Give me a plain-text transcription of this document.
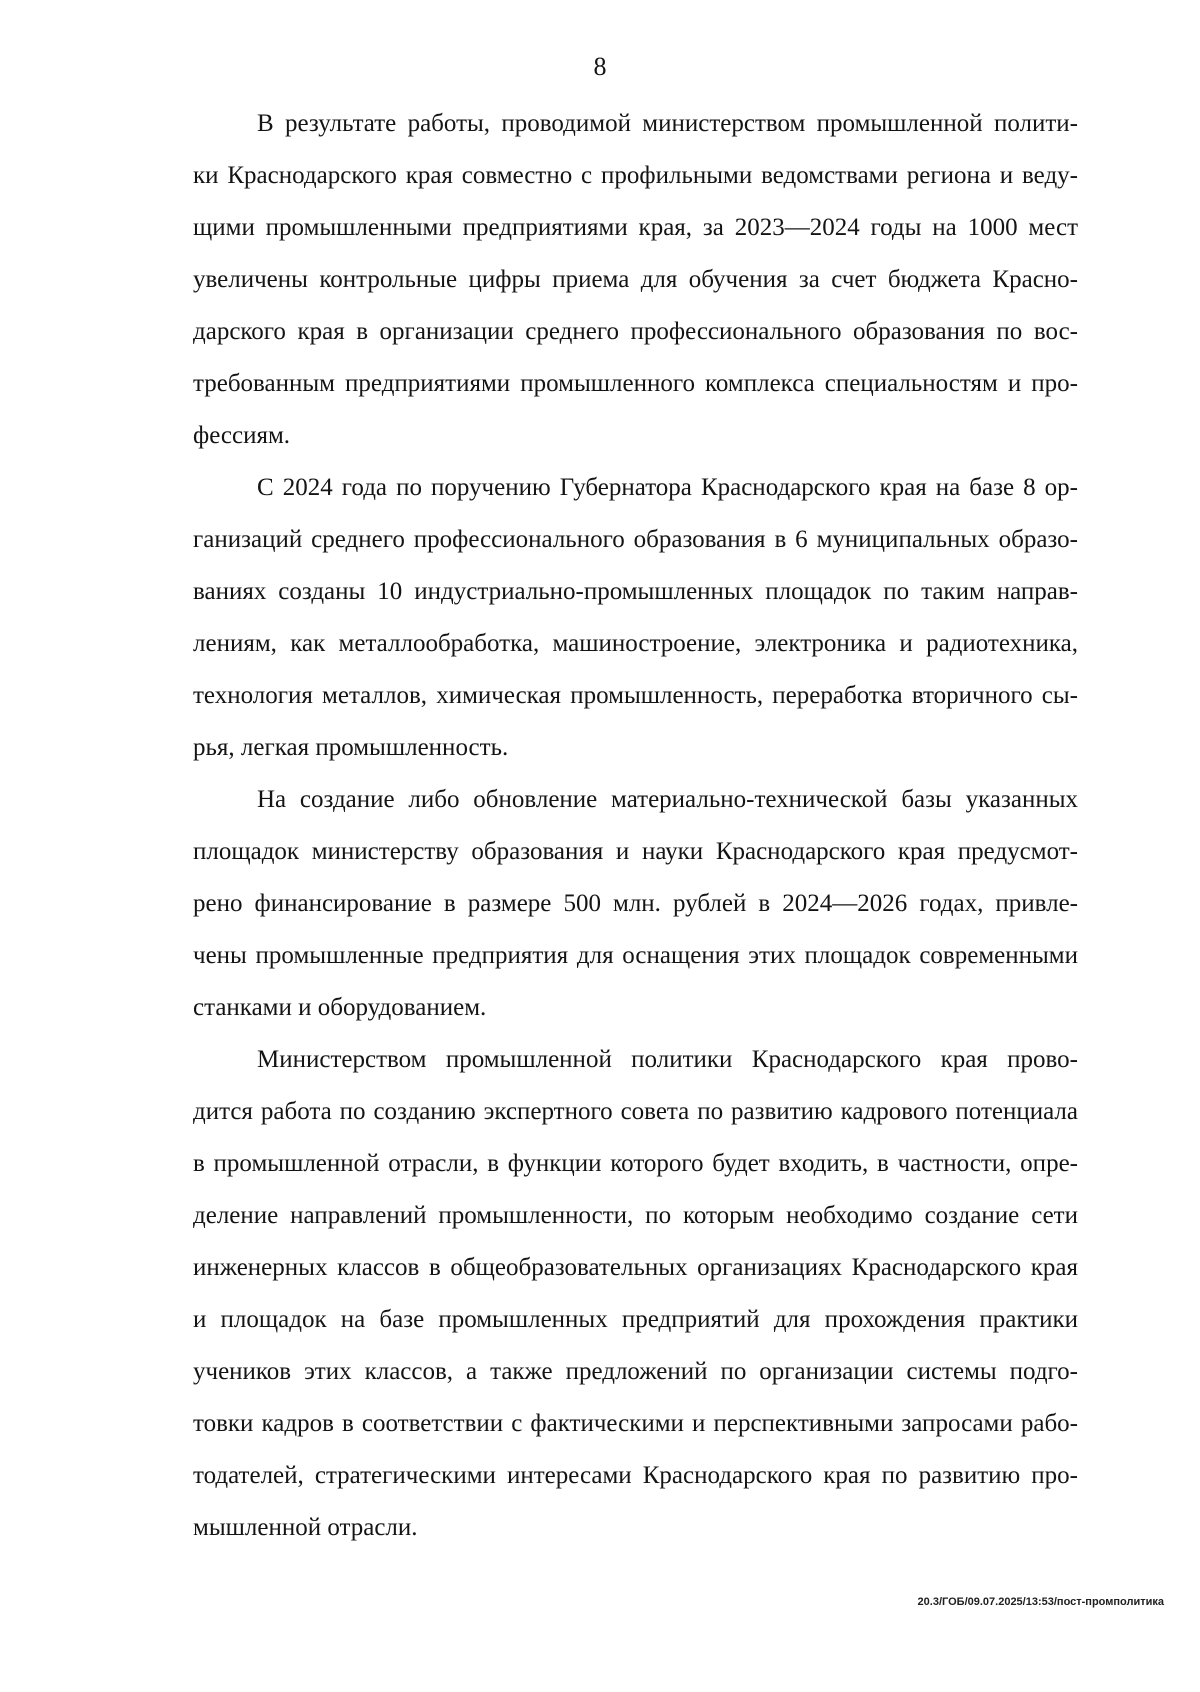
8

В результате работы, проводимой министерством промышленной полити-
ки Краснодарского края совместно с профильными ведомствами региона и веду-
щими промышленными предприятиями края, за 2023—2024 годы на 1000 мест
увеличены контрольные цифры приема для обучения за счет бюджета Красно-
дарского края в организации среднего профессионального образования по вос-
требованным предприятиями промышленного комплекса специальностям и про-
фессиям.

С 2024 года по поручению Губернатора Краснодарского края на базе 8 ор-
ганизаций среднего профессионального образования в 6 муниципальных образо-
ваниях созданы 10 индустриально-промышленных площадок по таким направ-
лениям, как металлообработка, машиностроение, электроника и радиотехника,
технология металлов, химическая промышленность, переработка вторичного сы-
рья, легкая промышленность.

На создание либо обновление материально-технической базы указанных
площадок министерству образования и науки Краснодарского края предусмот-
рено финансирование в размере 500 млн. рублей в 2024—2026 годах, привле-
чены промышленные предприятия для оснащения этих площадок современными
станками и оборудованием.

Министерством промышленной политики Краснодарского края прово-
дится работа по созданию экспертного совета по развитию кадрового потенциала
в промышленной отрасли, в функции которого будет входить, в частности, опре-
деление направлений промышленности, по которым необходимо создание сети
инженерных классов в общеобразовательных организациях Краснодарского края
и площадок на базе промышленных предприятий для прохождения практики
учеников этих классов, а также предложений по организации системы подго-
товки кадров в соответствии с фактическими и перспективными запросами рабо-
тодателей, стратегическими интересами Краснодарского края по развитию про-
мышленной отрасли.

20.3/ГОБ/09.07.2025/13:53/пост-промполитика
